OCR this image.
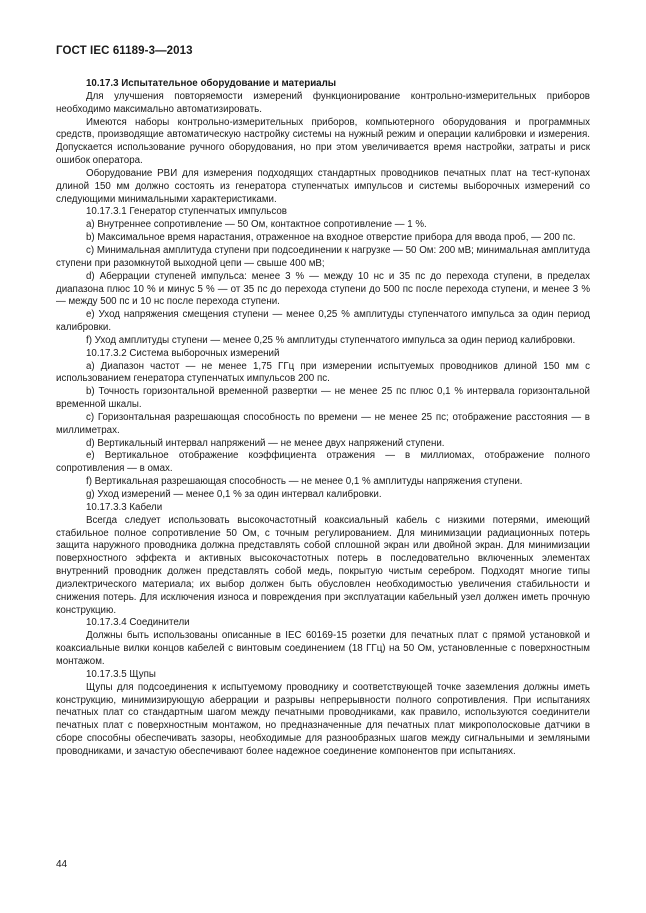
ГОСТ IEC 61189-3—2013

10.17.3 Испытательное оборудование и материалы

Для улучшения повторяемости измерений функционирование контрольно-измерительных приборов необходимо максимально автоматизировать.

Имеются наборы контрольно-измерительных приборов, компьютерного оборудования и программных средств, производящие автоматическую настройку системы на нужный режим и операции калибровки и измерения. Допускается использование ручного оборудования, но при этом увеличивается время настройки, затраты и риск ошибок оператора.

Оборудование РВИ для измерения подходящих стандартных проводников печатных плат на тест-купонах длиной 150 мм должно состоять из генератора ступенчатых импульсов и системы выборочных измерений со следующими минимальными характеристиками.

10.17.3.1 Генератор ступенчатых импульсов

a) Внутреннее сопротивление — 50 Ом, контактное сопротивление — 1 %.

b) Максимальное время нарастания, отраженное на входное отверстие прибора для ввода проб, — 200 пс.

c) Минимальная амплитуда ступени при подсоединении к нагрузке — 50 Ом: 200 мВ; минимальная амплитуда ступени при разомкнутой выходной цепи — свыше 400 мВ;

d) Аберрации ступеней импульса: менее 3 % — между 10 нс и 35 пс до перехода ступени, в пределах диапазона плюс 10 % и минус 5 % — от 35 пс до перехода ступени до 500 пс после перехода ступени, и менее 3 % — между 500 пс и 10 нс после перехода ступени.

e) Уход напряжения смещения ступени — менее 0,25 % амплитуды ступенчатого импульса за один период калибровки.

f) Уход амплитуды ступени — менее 0,25 % амплитуды ступенчатого импульса за один период калибровки.

10.17.3.2 Система выборочных измерений

a) Диапазон частот — не менее 1,75 ГГц при измерении испытуемых проводников длиной 150 мм с использованием генератора ступенчатых импульсов 200 пс.

b) Точность горизонтальной временной развертки — не менее 25 пс плюс 0,1 % интервала горизонтальной временной шкалы.

c) Горизонтальная разрешающая способность по времени — не менее 25 пс; отображение расстояния — в миллиметрах.

d) Вертикальный интервал напряжений — не менее двух напряжений ступени.

e) Вертикальное отображение коэффициента отражения — в миллиомах, отображение полного сопротивления — в омах.

f) Вертикальная разрешающая способность — не менее 0,1 % амплитуды напряжения ступени.

g) Уход измерений — менее 0,1 % за один интервал калибровки.

10.17.3.3 Кабели

Всегда следует использовать высокочастотный коаксиальный кабель с низкими потерями, имеющий стабильное полное сопротивление 50 Ом, с точным регулированием. Для минимизации радиационных потерь защита наружного проводника должна представлять собой сплошной экран или двойной экран. Для минимизации поверхностного эффекта и активных высокочастотных потерь в последовательно включенных элементах внутренний проводник должен представлять собой медь, покрытую чистым серебром. Подходят многие типы диэлектрического материала; их выбор должен быть обусловлен необходимостью увеличения стабильности и снижения потерь. Для исключения износа и повреждения при эксплуатации кабельный узел должен иметь прочную конструкцию.

10.17.3.4 Соединители

Должны быть использованы описанные в IEC 60169-15 розетки для печатных плат с прямой установкой и коаксиальные вилки концов кабелей с винтовым соединением (18 ГГц) на 50 Ом, установленные с поверхностным монтажом.

10.17.3.5 Щупы

Щупы для подсоединения к испытуемому проводнику и соответствующей точке заземления должны иметь конструкцию, минимизирующую аберрации и разрывы непрерывности полного сопротивления. При испытаниях печатных плат со стандартным шагом между печатными проводниками, как правило, используются соединители печатных плат с поверхностным монтажом, но предназначенные для печатных плат микрополосковые датчики в сборе способны обеспечивать зазоры, необходимые для разнообразных шагов между сигнальными и земляными проводниками, и зачастую обеспечивают более надежное соединение компонентов при испытаниях.

44
